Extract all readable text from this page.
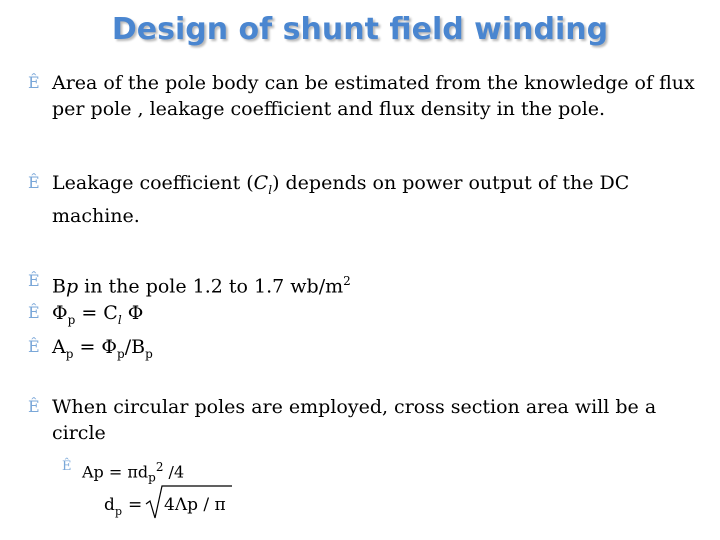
Design of shunt field winding
Ê Area of the pole body can be estimated from the knowledge of flux per pole , leakage coefficient and flux density in the pole.
Ê Leakage coefficient $(C_l)$ depends on power output of the DC machine.
Ê Bp in the pole 1.2 to 1.7 $wb/m^2$
Ê $\Phi_p = C_l$ Φ
Ê $A_p = \Phi_p/B_p$
Ê When circular poles are employed, cross section area will be a circle
Ê $Ap = \pi d_p^2$ /4
d p = 4Λp / π
